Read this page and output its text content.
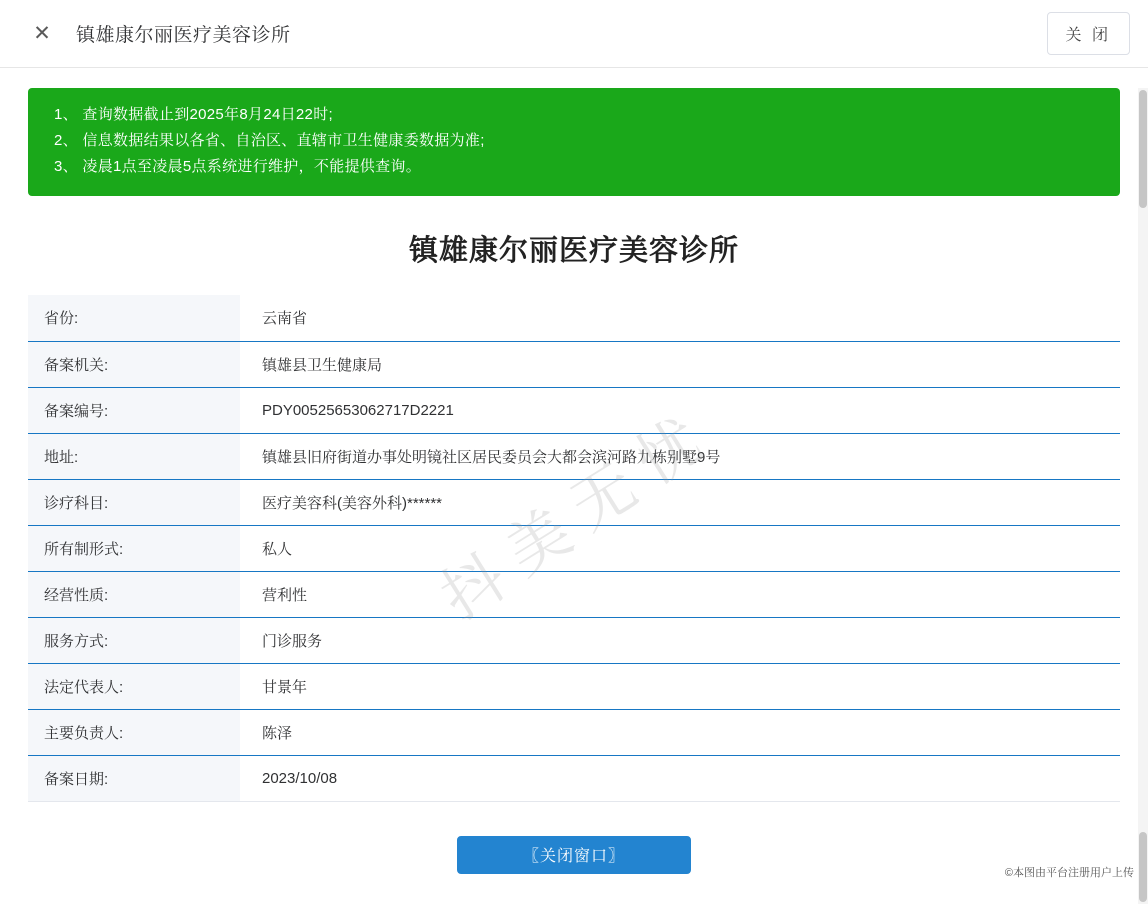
✕ 镇雄康尔丽医疗美容诊所	关 闭
1、 查询数据截止到2025年8月24日22时;
2、 信息数据结果以各省、自治区、直辖市卫生健康委数据为准;
3、 凌晨1点至凌晨5点系统进行维护，不能提供查询。
镇雄康尔丽医疗美容诊所
省份:	云南省
备案机关:	镇雄县卫生健康局
备案编号:	PDY00525653062717D2221
地址:	镇雄县旧府街道办事处明镜社区居民委员会大都会滨河路九栋别墅9号
诊疗科目:	医疗美容科(美容外科)******
所有制形式:	私人
经营性质:	营利性
服务方式:	门诊服务
法定代表人:	甘景年
主要负责人:	陈泽
备案日期:	2023/10/08
〖关闭窗口〗
抖
美
无
忧
©本图由平台注册用户上传
